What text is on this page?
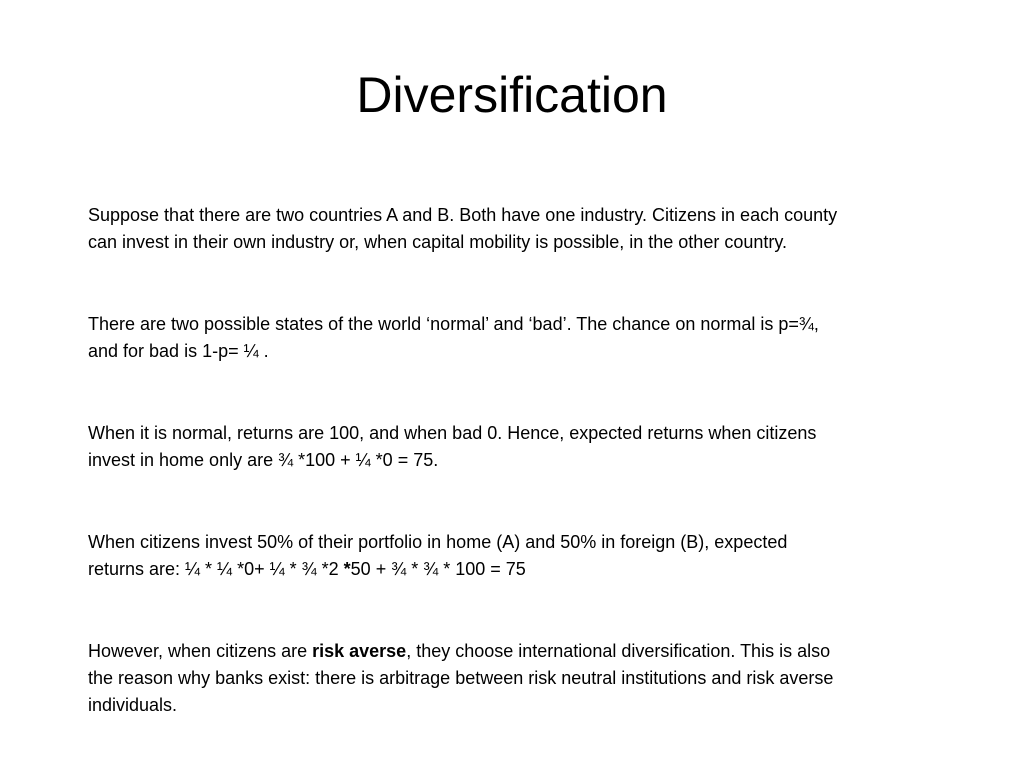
Diversification

Suppose that there are two countries A and B. Both have one industry. Citizens in each county
can invest in their own industry or, when capital mobility is possible, in the other country.

There are two possible states of the world ‘normal’ and ‘bad’. The chance on normal is p=¾,
and for bad is 1-p= ¼ .

When it is normal, returns are 100, and when bad 0. Hence, expected returns when citizens
invest in home only are ¾ *100 + ¼ *0 = 75.

When citizens invest 50% of their portfolio in home (A) and 50% in foreign (B), expected
returns are: ¼ * ¼ *0+ ¼ * ¾ *2 *50 + ¾ * ¾ * 100 = 75

However, when citizens are risk averse, they choose international diversification. This is also
the reason why banks exist: there is arbitrage between risk neutral institutions and risk averse
individuals.
